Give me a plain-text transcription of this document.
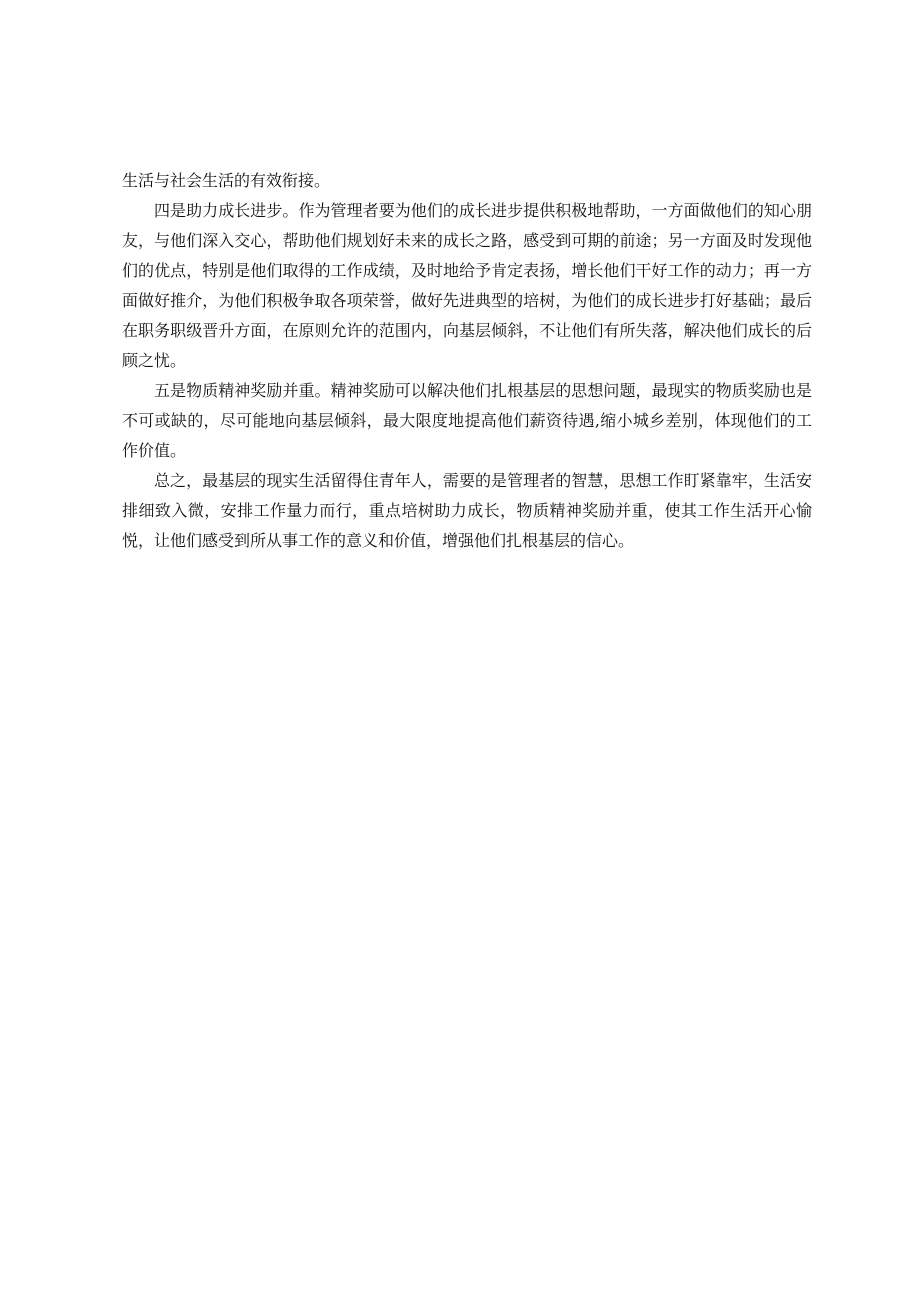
生活与社会生活的有效衔接。

四是助力成长进步。作为管理者要为他们的成长进步提供积极地帮助，一方面做他们的知心朋友，与他们深入交心，帮助他们规划好未来的成长之路，感受到可期的前途；另一方面及时发现他们的优点，特别是他们取得的工作成绩，及时地给予肯定表扬，增长他们干好工作的动力；再一方面做好推介，为他们积极争取各项荣誉，做好先进典型的培树，为他们的成长进步打好基础；最后在职务职级晋升方面，在原则允许的范围内，向基层倾斜，不让他们有所失落，解决他们成长的后顾之忧。

五是物质精神奖励并重。精神奖励可以解决他们扎根基层的思想问题，最现实的物质奖励也是不可或缺的，尽可能地向基层倾斜，最大限度地提高他们薪资待遇,缩小城乡差别，体现他们的工作价值。

总之，最基层的现实生活留得住青年人，需要的是管理者的智慧，思想工作盯紧靠牢，生活安排细致入微，安排工作量力而行，重点培树助力成长，物质精神奖励并重，使其工作生活开心愉悦，让他们感受到所从事工作的意义和价值，增强他们扎根基层的信心。
